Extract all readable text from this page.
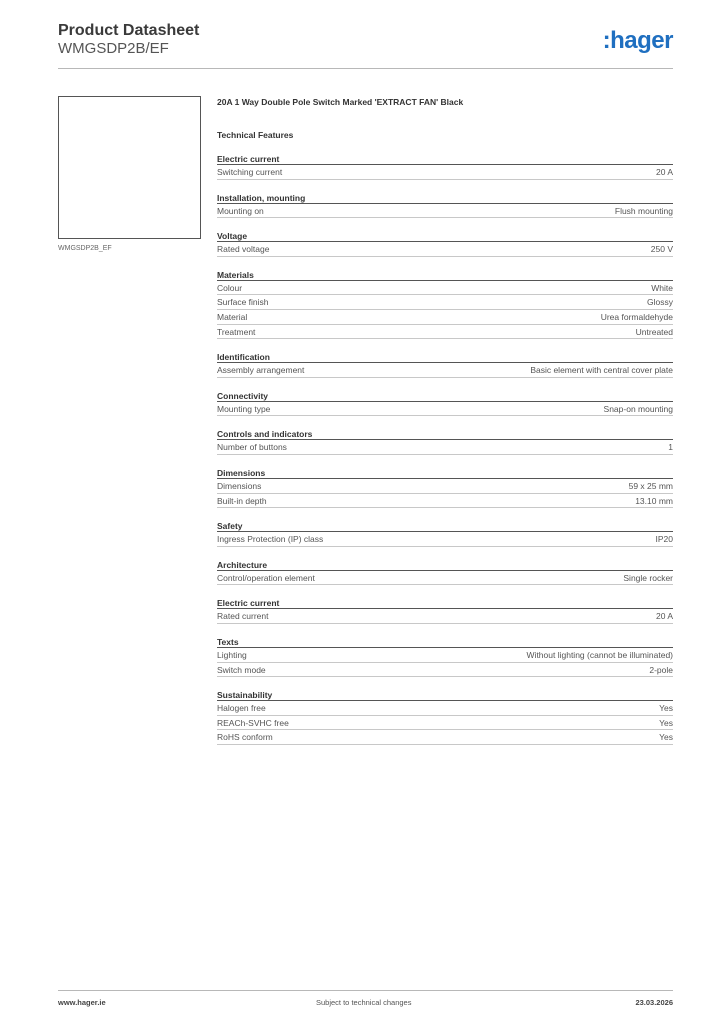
Product Datasheet
WMGSDP2B/EF	:hager
WMGSDP2B_EF
20A 1 Way Double Pole Switch Marked 'EXTRACT FAN' Black
Technical Features
Electric current
Switching current	20 A
Installation, mounting
Mounting on	Flush mounting
Voltage
Rated voltage	250 V
Materials
Colour	White
Surface finish	Glossy
Material	Urea formaldehyde
Treatment	Untreated
Identification
Assembly arrangement	Basic element with central cover plate
Connectivity
Mounting type	Snap-on mounting
Controls and indicators
Number of buttons	1
Dimensions
Dimensions	59 x 25 mm
Built-in depth	13.10 mm
Safety
Ingress Protection (IP) class	IP20
Architecture
Control/operation element	Single rocker
Electric current
Rated current	20 A
Texts
Lighting	Without lighting (cannot be illuminated)
Switch mode	2-pole
Sustainability
Halogen free	Yes
REACh-SVHC free	Yes
RoHS conform	Yes
www.hager.ie	Subject to technical changes	23.03.2026
